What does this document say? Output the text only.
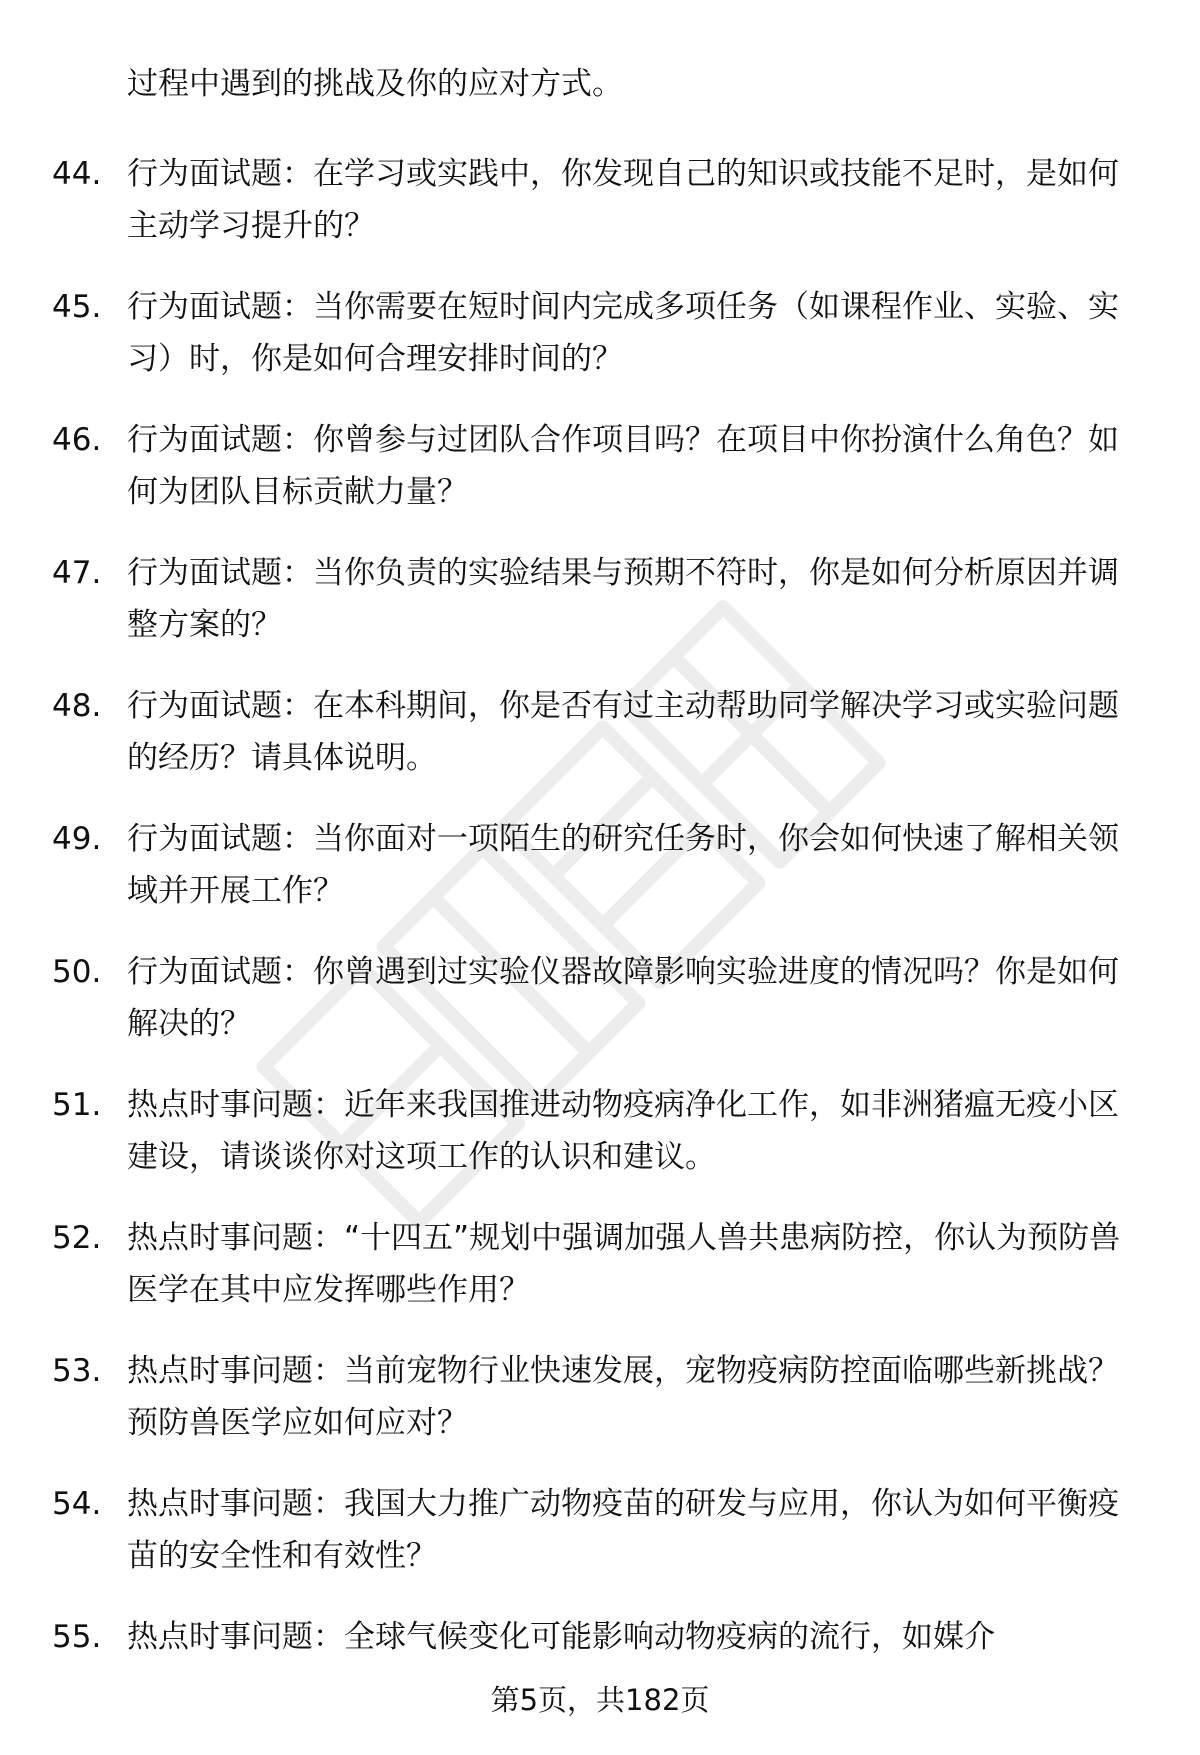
过程中遇到的挑战及你的应对方式。
44. 行为面试题：在学习或实践中，你发现自己的知识或技能不足时，是如何主动学习提升的？
45. 行为面试题：当你需要在短时间内完成多项任务（如课程作业、实验、实习）时，你是如何合理安排时间的？
46. 行为面试题：你曾参与过团队合作项目吗？在项目中你扮演什么角色？如何为团队目标贡献力量？
47. 行为面试题：当你负责的实验结果与预期不符时，你是如何分析原因并调整方案的？
48. 行为面试题：在本科期间，你是否有过主动帮助同学解决学习或实验问题的经历？请具体说明。
49. 行为面试题：当你面对一项陌生的研究任务时，你会如何快速了解相关领域并开展工作？
50. 行为面试题：你曾遇到过实验仪器故障影响实验进度的情况吗？你是如何解决的？
51. 热点时事问题：近年来我国推进动物疫病净化工作，如非洲猪瘟无疫小区建设，请谈谈你对这项工作的认识和建议。
52. 热点时事问题：“十四五”规划中强调加强人兽共患病防控，你认为预防兽医学在其中应发挥哪些作用？
53. 热点时事问题：当前宠物行业快速发展，宠物疫病防控面临哪些新挑战？预防兽医学应如何应对？
54. 热点时事问题：我国大力推广动物疫苗的研发与应用，你认为如何平衡疫苗的安全性和有效性？
55. 热点时事问题：全球气候变化可能影响动物疫病的流行，如媒介
第5页，共182页
